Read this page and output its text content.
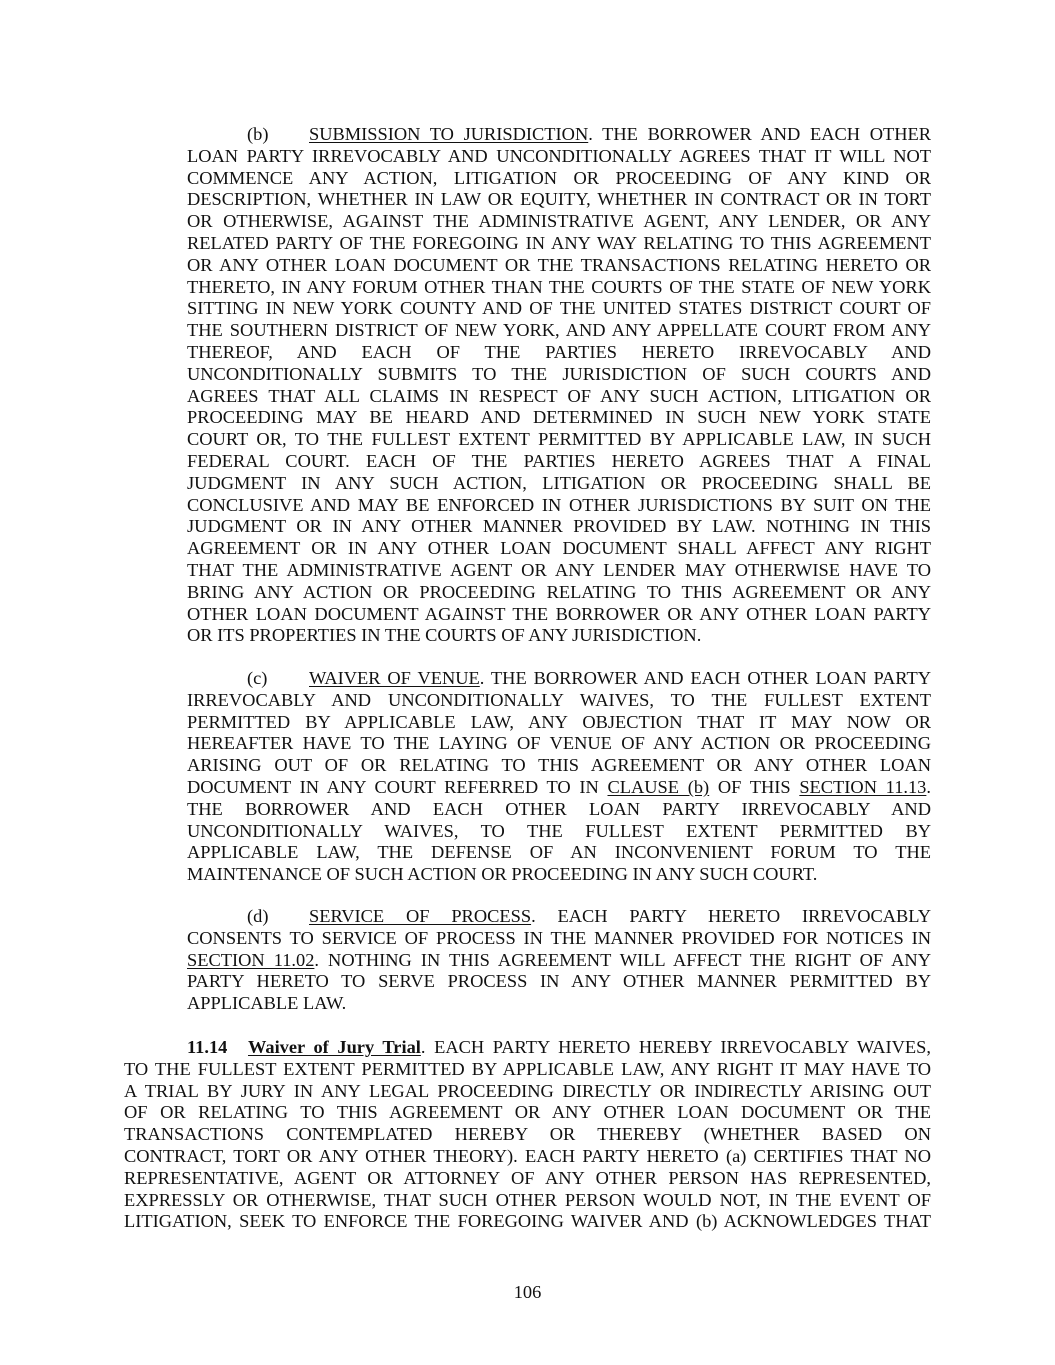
(b) SUBMISSION TO JURISDICTION. THE BORROWER AND EACH OTHER
LOAN PARTY IRREVOCABLY AND UNCONDITIONALLY AGREES THAT IT WILL NOT
COMMENCE ANY ACTION, LITIGATION OR PROCEEDING OF ANY KIND OR
DESCRIPTION, WHETHER IN LAW OR EQUITY, WHETHER IN CONTRACT OR IN TORT
OR OTHERWISE, AGAINST THE ADMINISTRATIVE AGENT, ANY LENDER, OR ANY
RELATED PARTY OF THE FOREGOING IN ANY WAY RELATING TO THIS AGREEMENT
OR ANY OTHER LOAN DOCUMENT OR THE TRANSACTIONS RELATING HERETO OR
THERETO, IN ANY FORUM OTHER THAN THE COURTS OF THE STATE OF NEW YORK
SITTING IN NEW YORK COUNTY AND OF THE UNITED STATES DISTRICT COURT OF
THE SOUTHERN DISTRICT OF NEW YORK, AND ANY APPELLATE COURT FROM ANY
THEREOF, AND EACH OF THE PARTIES HERETO IRREVOCABLY AND
UNCONDITIONALLY SUBMITS TO THE JURISDICTION OF SUCH COURTS AND
AGREES THAT ALL CLAIMS IN RESPECT OF ANY SUCH ACTION, LITIGATION OR
PROCEEDING MAY BE HEARD AND DETERMINED IN SUCH NEW YORK STATE
COURT OR, TO THE FULLEST EXTENT PERMITTED BY APPLICABLE LAW, IN SUCH
FEDERAL COURT. EACH OF THE PARTIES HERETO AGREES THAT A FINAL
JUDGMENT IN ANY SUCH ACTION, LITIGATION OR PROCEEDING SHALL BE
CONCLUSIVE AND MAY BE ENFORCED IN OTHER JURISDICTIONS BY SUIT ON THE
JUDGMENT OR IN ANY OTHER MANNER PROVIDED BY LAW. NOTHING IN THIS
AGREEMENT OR IN ANY OTHER LOAN DOCUMENT SHALL AFFECT ANY RIGHT
THAT THE ADMINISTRATIVE AGENT OR ANY LENDER MAY OTHERWISE HAVE TO
BRING ANY ACTION OR PROCEEDING RELATING TO THIS AGREEMENT OR ANY
OTHER LOAN DOCUMENT AGAINST THE BORROWER OR ANY OTHER LOAN PARTY
OR ITS PROPERTIES IN THE COURTS OF ANY JURISDICTION.
(c) WAIVER OF VENUE. THE BORROWER AND EACH OTHER LOAN PARTY
IRREVOCABLY AND UNCONDITIONALLY WAIVES, TO THE FULLEST EXTENT
PERMITTED BY APPLICABLE LAW, ANY OBJECTION THAT IT MAY NOW OR
HEREAFTER HAVE TO THE LAYING OF VENUE OF ANY ACTION OR PROCEEDING
ARISING OUT OF OR RELATING TO THIS AGREEMENT OR ANY OTHER LOAN
DOCUMENT IN ANY COURT REFERRED TO IN CLAUSE (b) OF THIS SECTION 11.13.
THE BORROWER AND EACH OTHER LOAN PARTY IRREVOCABLY AND
UNCONDITIONALLY WAIVES, TO THE FULLEST EXTENT PERMITTED BY
APPLICABLE LAW, THE DEFENSE OF AN INCONVENIENT FORUM TO THE
MAINTENANCE OF SUCH ACTION OR PROCEEDING IN ANY SUCH COURT.
(d) SERVICE OF PROCESS. EACH PARTY HERETO IRREVOCABLY
CONSENTS TO SERVICE OF PROCESS IN THE MANNER PROVIDED FOR NOTICES IN
SECTION 11.02. NOTHING IN THIS AGREEMENT WILL AFFECT THE RIGHT OF ANY
PARTY HERETO TO SERVE PROCESS IN ANY OTHER MANNER PERMITTED BY
APPLICABLE LAW.
11.14 Waiver of Jury Trial. EACH PARTY HERETO HEREBY IRREVOCABLY WAIVES,
TO THE FULLEST EXTENT PERMITTED BY APPLICABLE LAW, ANY RIGHT IT MAY HAVE TO
A TRIAL BY JURY IN ANY LEGAL PROCEEDING DIRECTLY OR INDIRECTLY ARISING OUT
OF OR RELATING TO THIS AGREEMENT OR ANY OTHER LOAN DOCUMENT OR THE
TRANSACTIONS CONTEMPLATED HEREBY OR THEREBY (WHETHER BASED ON
CONTRACT, TORT OR ANY OTHER THEORY). EACH PARTY HERETO (a) CERTIFIES THAT NO
REPRESENTATIVE, AGENT OR ATTORNEY OF ANY OTHER PERSON HAS REPRESENTED,
EXPRESSLY OR OTHERWISE, THAT SUCH OTHER PERSON WOULD NOT, IN THE EVENT OF
LITIGATION, SEEK TO ENFORCE THE FOREGOING WAIVER AND (b) ACKNOWLEDGES THAT
106
